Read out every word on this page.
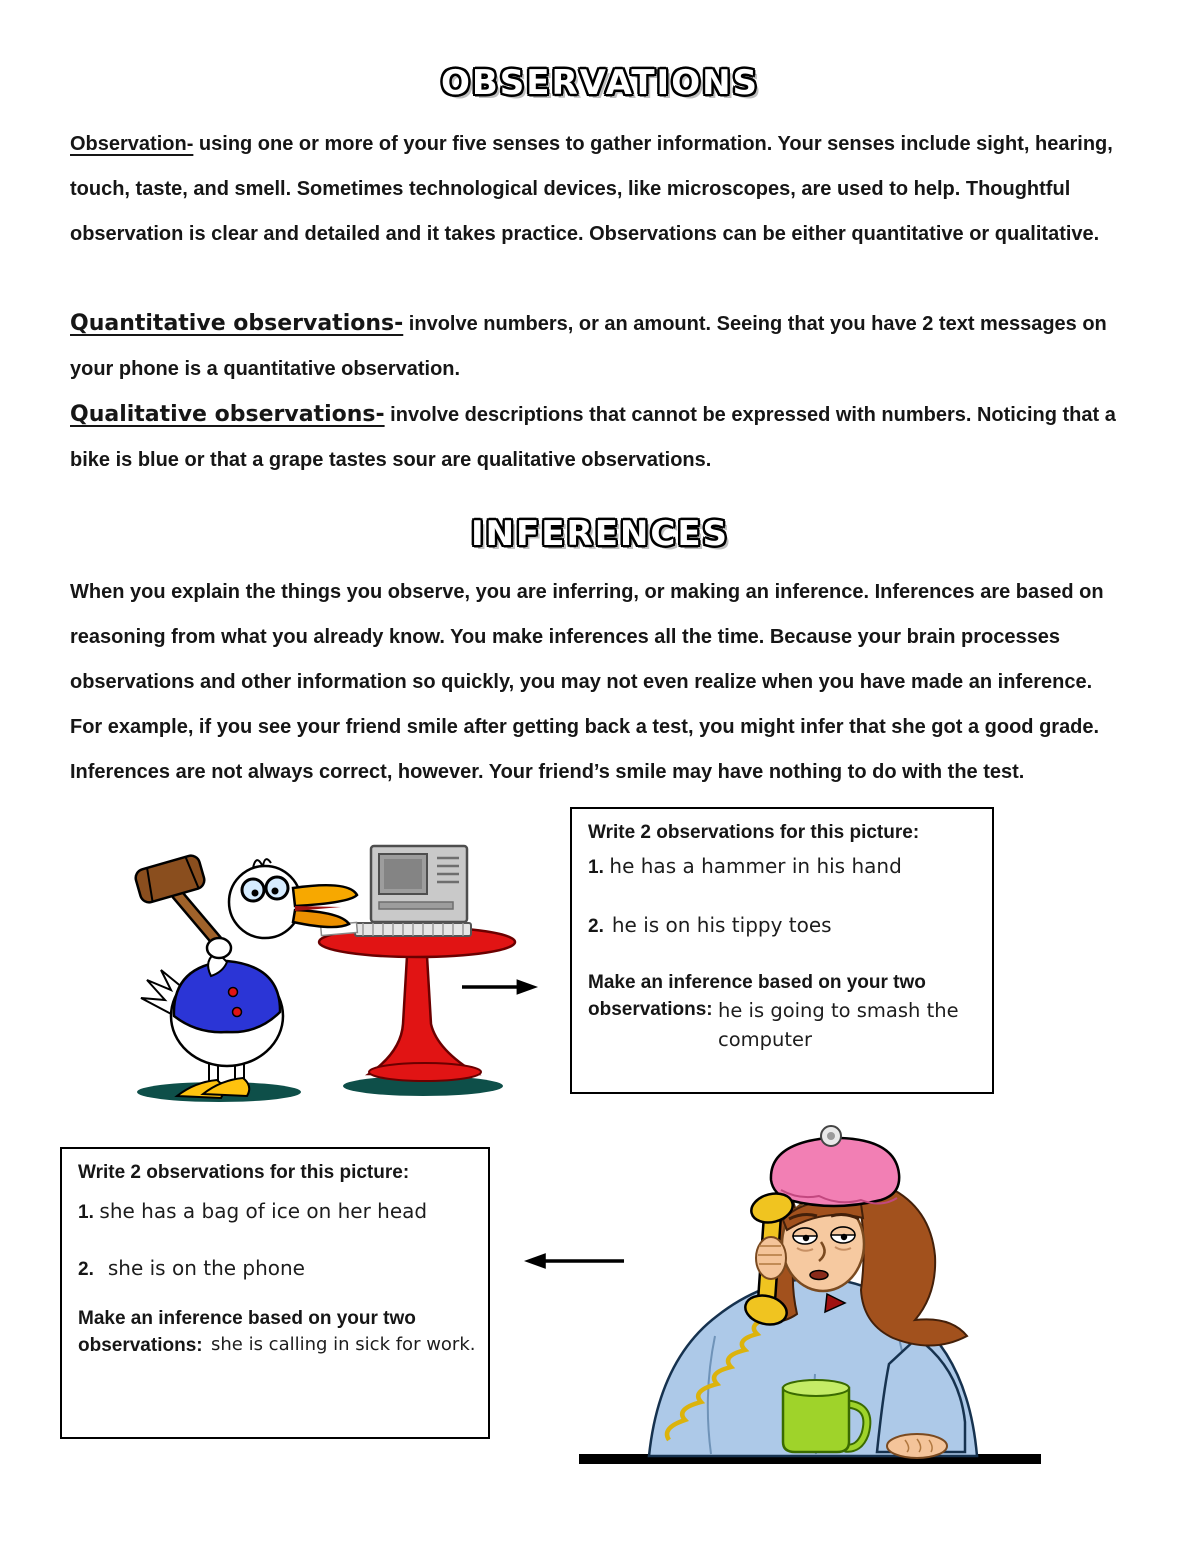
OBSERVATIONS

Observation- using one or more of your five senses to gather information. Your senses include sight, hearing, touch, taste, and smell. Sometimes technological devices, like microscopes, are used to help. Thoughtful observation is clear and detailed and it takes practice. Observations can be either quantitative or qualitative.

Quantitative observations- involve numbers, or an amount. Seeing that you have 2 text messages on your phone is a quantitative observation.

Qualitative observations- involve descriptions that cannot be expressed with numbers. Noticing that a bike is blue or that a grape tastes sour are qualitative observations.

INFERENCES

When you explain the things you observe, you are inferring, or making an inference. Inferences are based on reasoning from what you already know. You make inferences all the time. Because your brain processes observations and other information so quickly, you may not even realize when you have made an inference. For example, if you see your friend smile after getting back a test, you might infer that she got a good grade. Inferences are not always correct, however. Your friend’s smile may have nothing to do with the test.

Write 2 observations for this picture:

1. he has a hammer in his hand

2. he is on his tippy toes

Make an inference based on your two observations: he is going to smash the computer

Write 2 observations for this picture:

1. she has a bag of ice on her head

2. she is on the phone

Make an inference based on your two observations: she is calling in sick for work.
